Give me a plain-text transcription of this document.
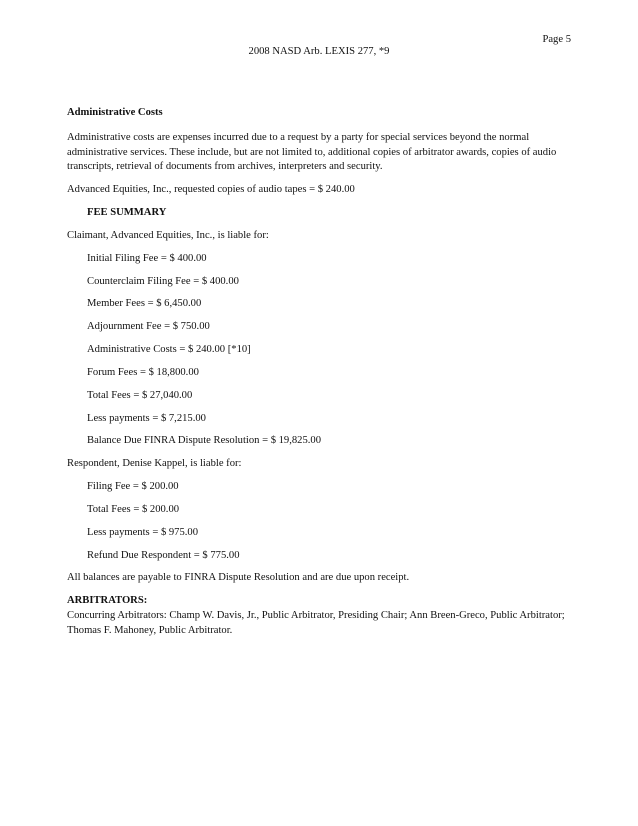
Page 5

2008 NASD Arb. LEXIS 277, *9

Administrative Costs

Administrative costs are expenses incurred due to a request by a party for special services beyond the normal administrative services. These include, but are not limited to, additional copies of arbitrator awards, copies of audio transcripts, retrieval of documents from archives, interpreters and security.

Advanced Equities, Inc., requested copies of audio tapes = $ 240.00

FEE SUMMARY

Claimant, Advanced Equities, Inc., is liable for:

Initial Filing Fee = $ 400.00

Counterclaim Filing Fee = $ 400.00

Member Fees = $ 6,450.00

Adjournment Fee = $ 750.00

Administrative Costs = $ 240.00 [*10]

Forum Fees = $ 18,800.00

Total Fees = $ 27,040.00

Less payments = $ 7,215.00

Balance Due FINRA Dispute Resolution = $ 19,825.00

Respondent, Denise Kappel, is liable for:

Filing Fee = $ 200.00

Total Fees = $ 200.00

Less payments = $ 975.00

Refund Due Respondent = $ 775.00

All balances are payable to FINRA Dispute Resolution and are due upon receipt.

ARBITRATORS:

Concurring Arbitrators: Champ W. Davis, Jr., Public Arbitrator, Presiding Chair; Ann Breen-Greco, Public Arbitrator; Thomas F. Mahoney, Public Arbitrator.
